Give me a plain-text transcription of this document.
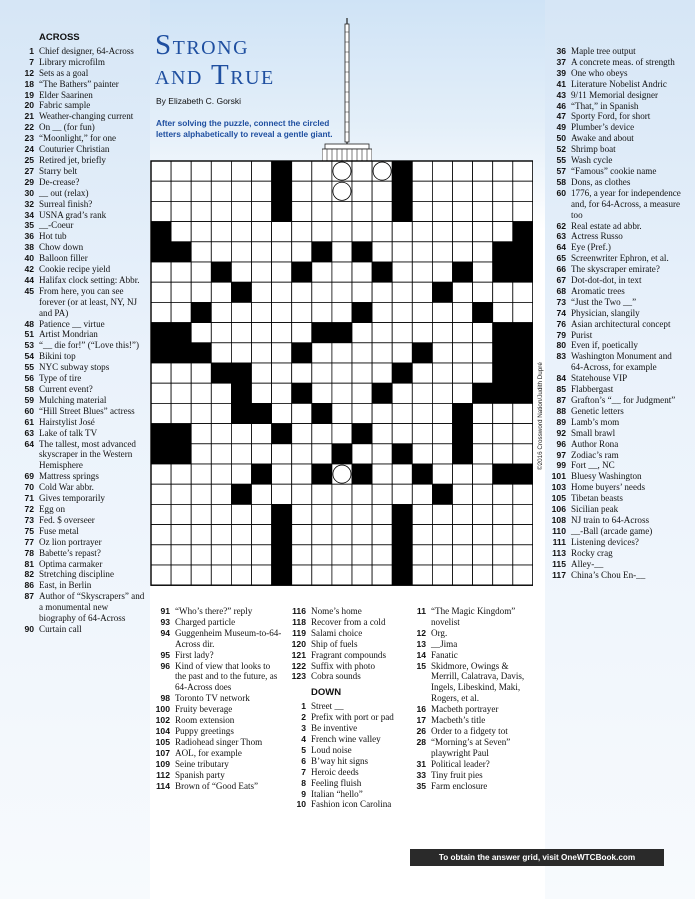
Strong
and True
By Elizabeth C. Gorski
After solving the puzzle, connect the circled letters alphabetically to reveal a gentle giant.
©2016 Crossword Nation/Judith Dupré
ACROSS
1 Chief designer, 64-Across
7 Library microfilm
12 Sets as a goal
18 “The Bathers” painter
19 Elder Saarinen
20 Fabric sample
21 Weather-changing current
22 On __ (for fun)
23 “Moonlight,” for one
24 Couturier Christian
25 Retired jet, briefly
27 Starry belt
29 De-crease?
30 __ out (relax)
32 Surreal finish?
34 USNA grad’s rank
35 __-Coeur
36 Hot tub
38 Chow down
40 Balloon filler
42 Cookie recipe yield
44 Halifax clock setting: Abbr.
45 From here, you can see forever (or at least, NY, NJ and PA)
48 Patience __ virtue
51 Artist Mondrian
53 “__ die for!” (“Love this!”)
54 Bikini top
55 NYC subway stops
56 Type of tire
58 Current event?
59 Mulching material
60 “Hill Street Blues” actress
61 Hairstylist José
63 Lake of talk TV
64 The tallest, most advanced skyscraper in the Western Hemisphere
69 Mattress springs
70 Cold War abbr.
71 Gives temporarily
72 Egg on
73 Fed. $ overseer
75 Fuse metal
77 Oz lion portrayer
78 Babette’s repast?
81 Optima carmaker
82 Stretching discipline
86 East, in Berlin
87 Author of “Skyscrapers” and a monumental new biography of 64-Across
90 Curtain call
91 “Who’s there?” reply
93 Charged particle
94 Guggenheim Museum-to-64-Across dir.
95 First lady?
96 Kind of view that looks to the past and to the future, as 64-Across does
98 Toronto TV network
100 Fruity beverage
102 Room extension
104 Puppy greetings
105 Radiohead singer Thom
107 AOL, for example
109 Seine tributary
112 Spanish party
114 Brown of “Good Eats”
116 Nome’s home
118 Recover from a cold
119 Salami choice
120 Ship of fuels
121 Fragrant compounds
122 Suffix with photo
123 Cobra sounds
DOWN
1 Street __
2 Prefix with port or pad
3 Be inventive
4 French wine valley
5 Loud noise
6 B’way hit signs
7 Heroic deeds
8 Feeling fluish
9 Italian “hello”
10 Fashion icon Carolina
11 “The Magic Kingdom” novelist
12 Org.
13 __Jima
14 Fanatic
15 Skidmore, Owings & Merrill, Calatrava, Davis, Ingels, Libeskind, Maki, Rogers, et al.
16 Macbeth portrayer
17 Macbeth’s title
26 Order to a fidgety tot
28 “Morning’s at Seven” playwright Paul
31 Political leader?
33 Tiny fruit pies
35 Farm enclosure
36 Maple tree output
37 A concrete meas. of strength
39 One who obeys
41 Literature Nobelist Andric
43 9/11 Memorial designer
46 “That,” in Spanish
47 Sporty Ford, for short
49 Plumber’s device
50 Awake and about
52 Shrimp boat
55 Wash cycle
57 “Famous” cookie name
58 Dons, as clothes
60 1776, a year for independence and, for 64-Across, a measure too
62 Real estate ad abbr.
63 Actress Russo
64 Eye (Pref.)
65 Screenwriter Ephron, et al.
66 The skyscraper emirate?
67 Dot-dot-dot, in text
68 Aromatic trees
73 “Just the Two __”
74 Physician, slangily
76 Asian architectural concept
79 Purist
80 Even if, poetically
83 Washington Monument and 64-Across, for example
84 Statehouse VIP
85 Flabbergast
87 Grafton’s “__ for Judgment”
88 Genetic letters
89 Lamb’s mom
92 Small brawl
96 Author Rona
97 Zodiac’s ram
99 Fort __, NC
101 Bluesy Washington
103 Home buyers’ needs
105 Tibetan beasts
106 Sicilian peak
108 NJ train to 64-Across
110 __-Ball (arcade game)
111 Listening devices?
113 Rocky crag
115 Alley-__
117 China’s Chou En-__
To obtain the answer grid, visit OneWTCBook.com
